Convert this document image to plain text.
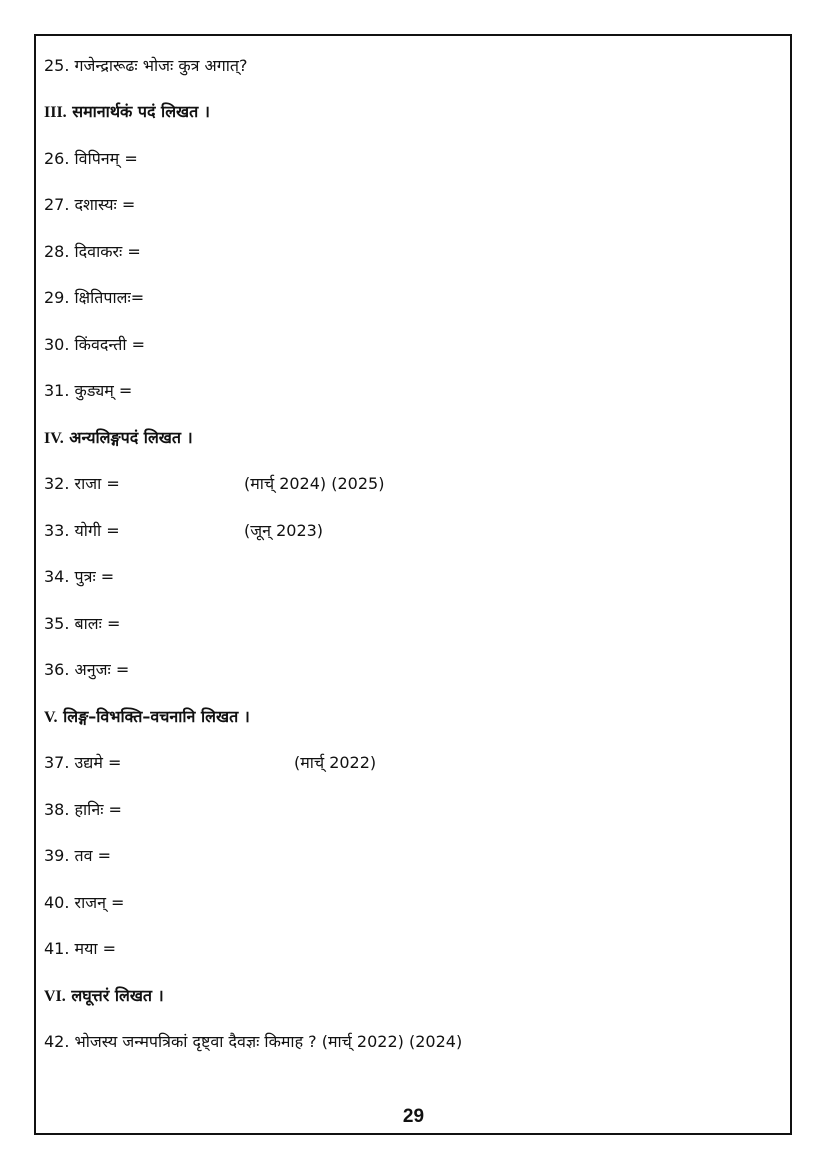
25. गजेन्द्रारूढः भोजः कुत्र अगात्?
III. समानार्थकं पदं लिखत ।
26. विपिनम् =
27. दशास्यः =
28. दिवाकरः =
29. क्षितिपालः=
30. किंवदन्ती =
31. कुड्यम् =
IV. अन्यलिङ्गपदं लिखत ।
32. राजा =	(मार्च् 2024) (2025)
33. योगी =	(जून् 2023)
34. पुत्रः =
35. बालः =
36. अनुजः =
V. लिङ्ग–विभक्ति–वचनानि लिखत ।
37. उद्यमे =	(मार्च् 2022)
38. हानिः =
39. तव =
40. राजन् =
41. मया =
VI. लघूत्तरं लिखत ।
42. भोजस्य जन्मपत्रिकां दृष्ट्वा दैवज्ञः किमाह ? (मार्च् 2022) (2024)
29
